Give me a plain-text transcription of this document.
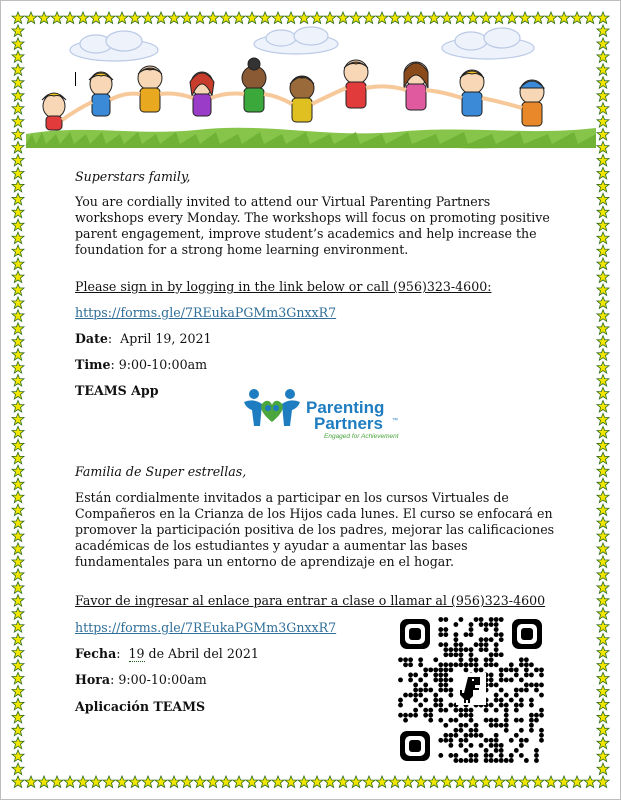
Superstars family,
You are cordially invited to attend our Virtual Parenting Partners workshops every Monday. The workshops will focus on promoting positive parent engagement, improve student’s academics and help increase the foundation for a strong home learning environment.
Please sign in by logging in the link below or call (956)323-4600:
https://forms.gle/7REukaPGMm3GnxxR7
Date:  April 19, 2021
Time: 9:00-10:00am
TEAMS App
Familia de Super estrellas,
Están cordialmente invitados a participar en los cursos Virtuales de Compañeros en la Crianza de los Hijos cada lunes. El curso se enfocará en promover la participación positiva de los padres, mejorar las calificaciones académicas de los estudiantes y ayudar a aumentar las bases fundamentales para un entorno de aprendizaje en el hogar.
Favor de ingresar al enlace para entrar a clase o llamar al (956)323-4600
https://forms.gle/7REukaPGMm3GnxxR7
Fecha:  19 de Abril del 2021
Hora: 9:00-10:00am
Aplicación TEAMS
Parenting
Partners ™
Engaged for Achievement
